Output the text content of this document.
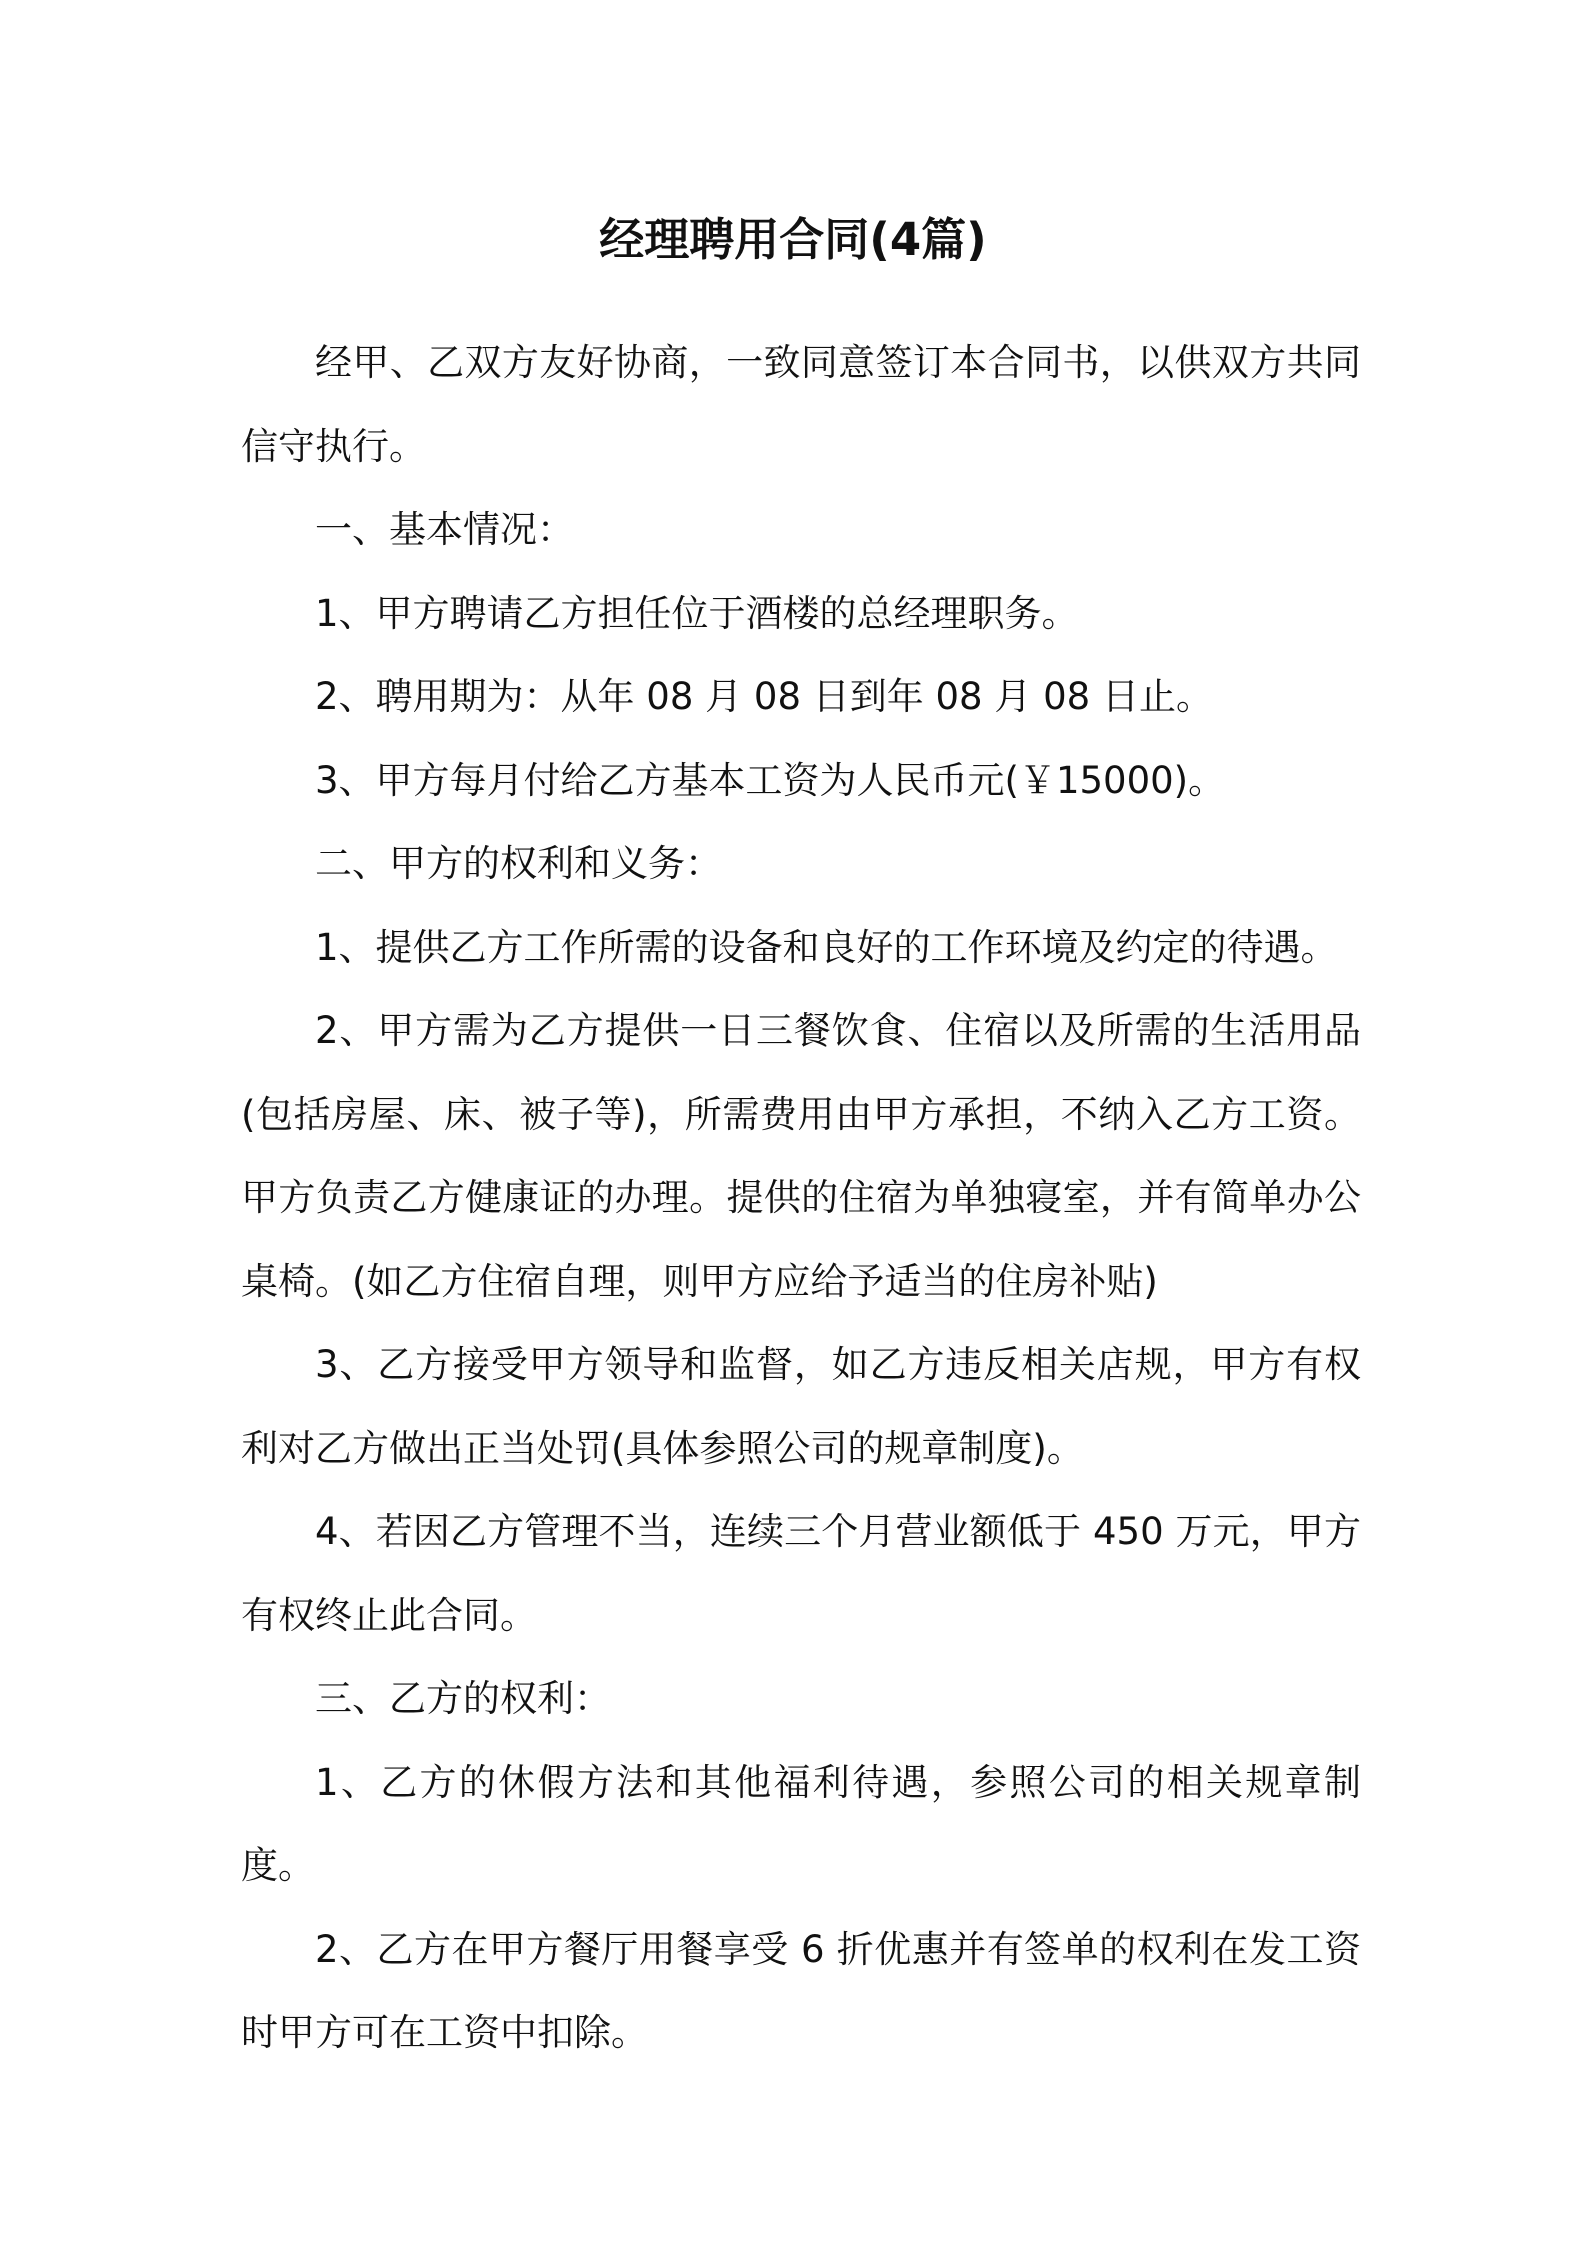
经理聘用合同(4篇)

经甲、乙双方友好协商，一致同意签订本合同书，以供双方共同信守执行。

一、基本情况：

1、甲方聘请乙方担任位于酒楼的总经理职务。

2、聘用期为：从年 08 月 08 日到年 08 月 08 日止。

3、甲方每月付给乙方基本工资为人民币元(￥15000)。

二、甲方的权利和义务：

1、提供乙方工作所需的设备和良好的工作环境及约定的待遇。

2、甲方需为乙方提供一日三餐饮食、住宿以及所需的生活用品(包括房屋、床、被子等)，所需费用由甲方承担，不纳入乙方工资。甲方负责乙方健康证的办理。提供的住宿为单独寝室，并有简单办公桌椅。(如乙方住宿自理，则甲方应给予适当的住房补贴)

3、乙方接受甲方领导和监督，如乙方违反相关店规，甲方有权利对乙方做出正当处罚(具体参照公司的规章制度)。

4、若因乙方管理不当，连续三个月营业额低于 450 万元，甲方有权终止此合同。

三、乙方的权利：

1、乙方的休假方法和其他福利待遇，参照公司的相关规章制度。

2、乙方在甲方餐厅用餐享受 6 折优惠并有签单的权利在发工资时甲方可在工资中扣除。
